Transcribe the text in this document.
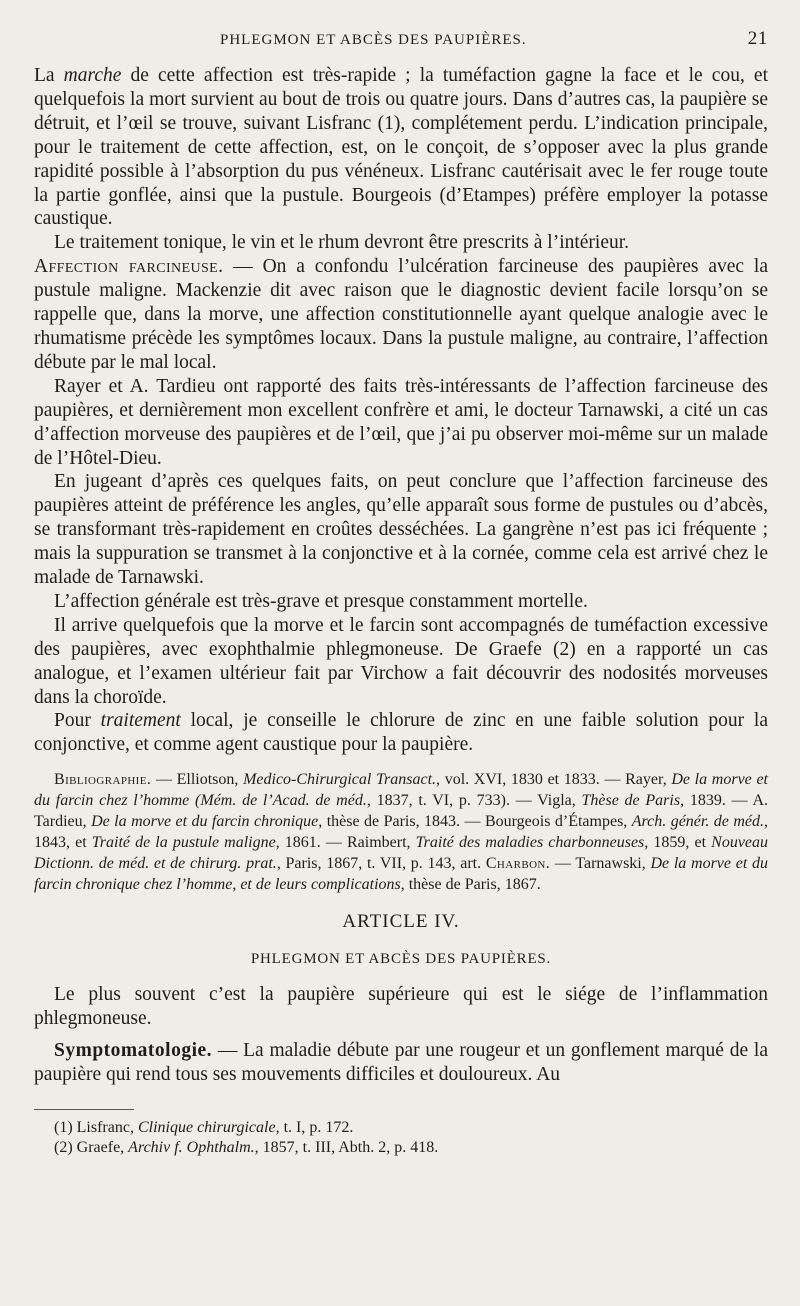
PHLEGMON ET ABCÈS DES PAUPIÈRES.	21

La marche de cette affection est très-rapide ; la tuméfaction gagne la face et le cou, et quelquefois la mort survient au bout de trois ou quatre jours. Dans d’autres cas, la paupière se détruit, et l’œil se trouve, suivant Lisfranc (1), complétement perdu. L’indication principale, pour le traitement de cette affection, est, on le conçoit, de s’opposer avec la plus grande rapidité possible à l’absorption du pus vénéneux. Lisfranc cautérisait avec le fer rouge toute la partie gonflée, ainsi que la pustule. Bourgeois (d’Etampes) préfère employer la potasse caustique.

Le traitement tonique, le vin et le rhum devront être prescrits à l’intérieur.

Affection farcineuse. — On a confondu l’ulcération farcineuse des paupières avec la pustule maligne. Mackenzie dit avec raison que le diagnostic devient facile lorsqu’on se rappelle que, dans la morve, une affection constitutionnelle ayant quelque analogie avec le rhumatisme précède les symptômes locaux. Dans la pustule maligne, au contraire, l’affection débute par le mal local.

Rayer et A. Tardieu ont rapporté des faits très-intéressants de l’affection farcineuse des paupières, et dernièrement mon excellent confrère et ami, le docteur Tarnawski, a cité un cas d’affection morveuse des paupières et de l’œil, que j’ai pu observer moi-même sur un malade de l’Hôtel-Dieu.

En jugeant d’après ces quelques faits, on peut conclure que l’affection farcineuse des paupières atteint de préférence les angles, qu’elle apparaît sous forme de pustules ou d’abcès, se transformant très-rapidement en croûtes desséchées. La gangrène n’est pas ici fréquente ; mais la suppuration se transmet à la conjonctive et à la cornée, comme cela est arrivé chez le malade de Tarnawski.

L’affection générale est très-grave et presque constamment mortelle.

Il arrive quelquefois que la morve et le farcin sont accompagnés de tuméfaction excessive des paupières, avec exophthalmie phlegmoneuse. De Graefe (2) en a rapporté un cas analogue, et l’examen ultérieur fait par Virchow a fait découvrir des nodosités morveuses dans la choroïde.

Pour traitement local, je conseille le chlorure de zinc en une faible solution pour la conjonctive, et comme agent caustique pour la paupière.

Bibliographie. — Elliotson, Medico-Chirurgical Transact., vol. XVI, 1830 et 1833. — Rayer, De la morve et du farcin chez l’homme (Mém. de l’Acad. de méd., 1837, t. VI, p. 733). — Vigla, Thèse de Paris, 1839. — A. Tardieu, De la morve et du farcin chronique, thèse de Paris, 1843. — Bourgeois d’Étampes, Arch. génér. de méd., 1843, et Traité de la pustule maligne, 1861. — Raimbert, Traité des maladies charbonneuses, 1859, et Nouveau Dictionn. de méd. et de chirurg. prat., Paris, 1867, t. VII, p. 143, art. Charbon. — Tarnawski, De la morve et du farcin chronique chez l’homme, et de leurs complications, thèse de Paris, 1867.
ARTICLE IV.
PHLEGMON ET ABCÈS DES PAUPIÈRES.

Le plus souvent c’est la paupière supérieure qui est le siége de l’inflammation phlegmoneuse.

Symptomatologie. — La maladie débute par une rougeur et un gonflement marqué de la paupière qui rend tous ses mouvements difficiles et douloureux. Au

(1) Lisfranc, Clinique chirurgicale, t. I, p. 172.
(2) Graefe, Archiv f. Ophthalm., 1857, t. III, Abth. 2, p. 418.
